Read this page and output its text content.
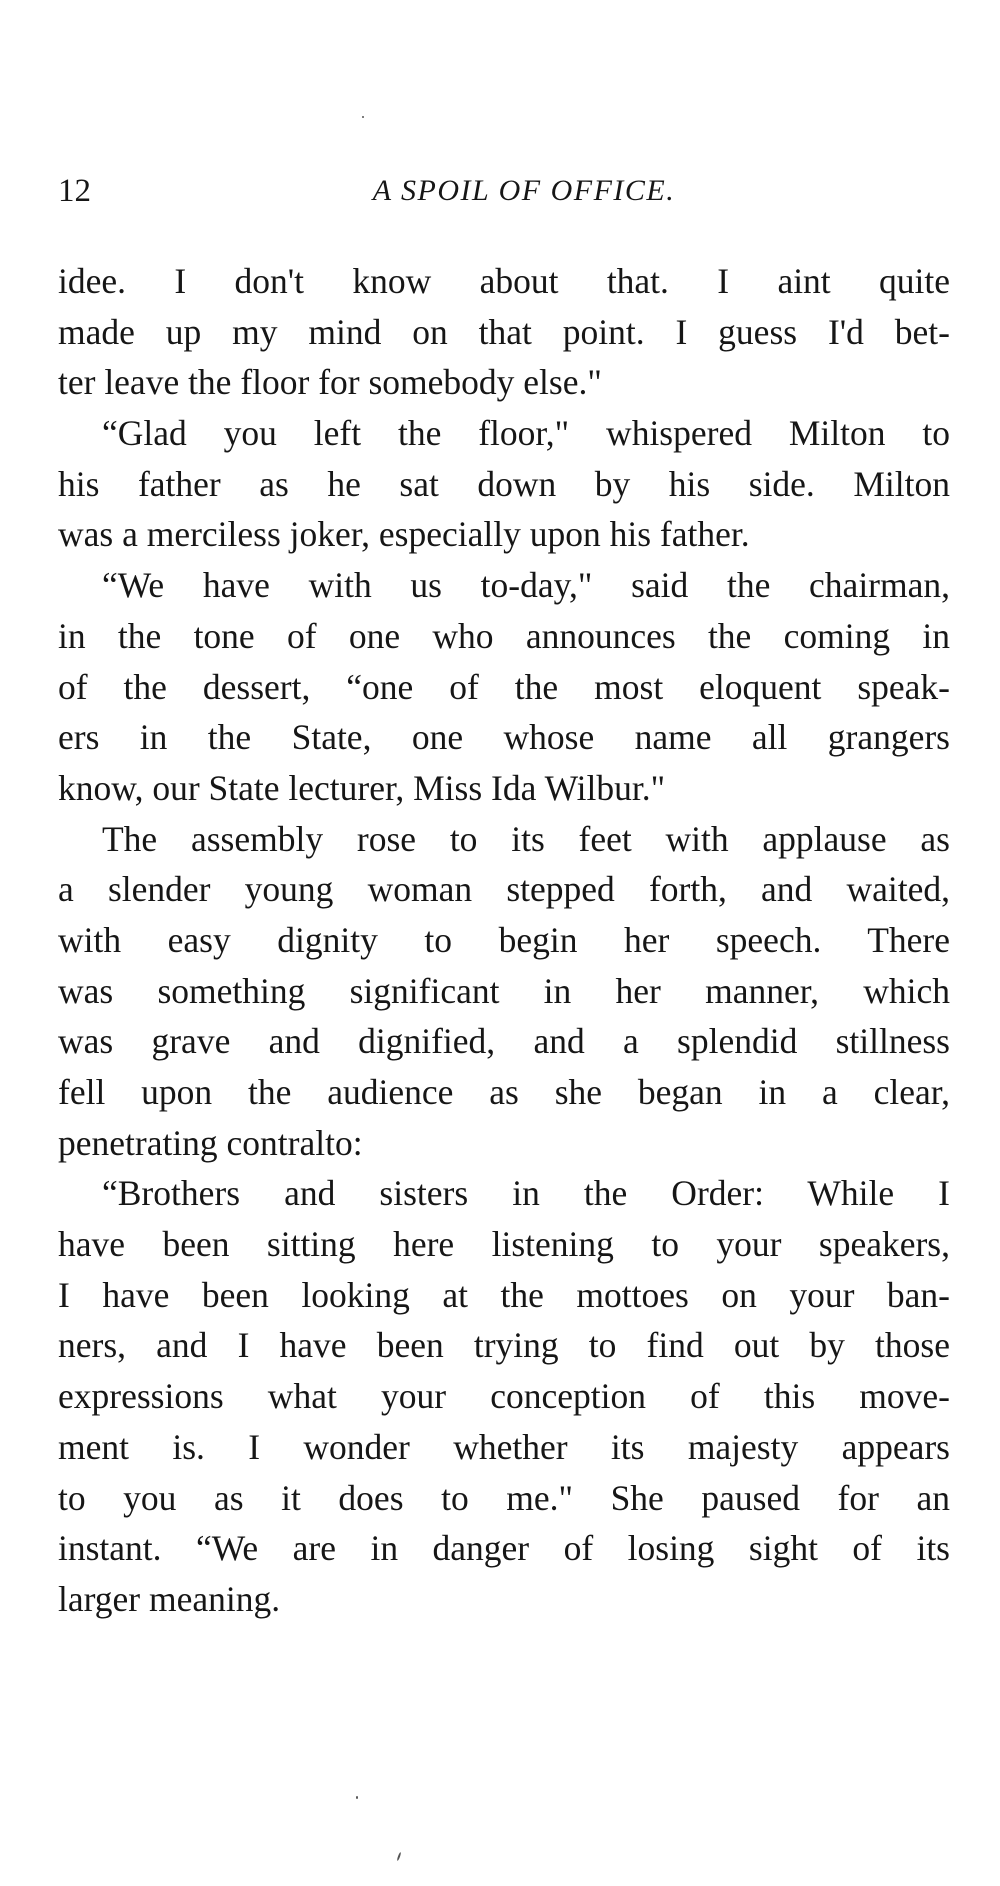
12	A SPOIL OF OFFICE.
idee. I don't know about that. I aint quite
made up my mind on that point. I guess I'd bet-
ter leave the floor for somebody else."
“Glad you left the floor," whispered Milton to
his father as he sat down by his side. Milton
was a merciless joker, especially upon his father.
“We have with us to-day," said the chairman,
in the tone of one who announces the coming in
of the dessert, “one of the most eloquent speak-
ers in the State, one whose name all grangers
know, our State lecturer, Miss Ida Wilbur."
The assembly rose to its feet with applause as
a slender young woman stepped forth, and waited,
with easy dignity to begin her speech. There
was something significant in her manner, which
was grave and dignified, and a splendid stillness
fell upon the audience as she began in a clear,
penetrating contralto:
“Brothers and sisters in the Order: While I
have been sitting here listening to your speakers,
I have been looking at the mottoes on your ban-
ners, and I have been trying to find out by those
expressions what your conception of this move-
ment is. I wonder whether its majesty appears
to you as it does to me." She paused for an
instant. “We are in danger of losing sight of its
larger meaning.
